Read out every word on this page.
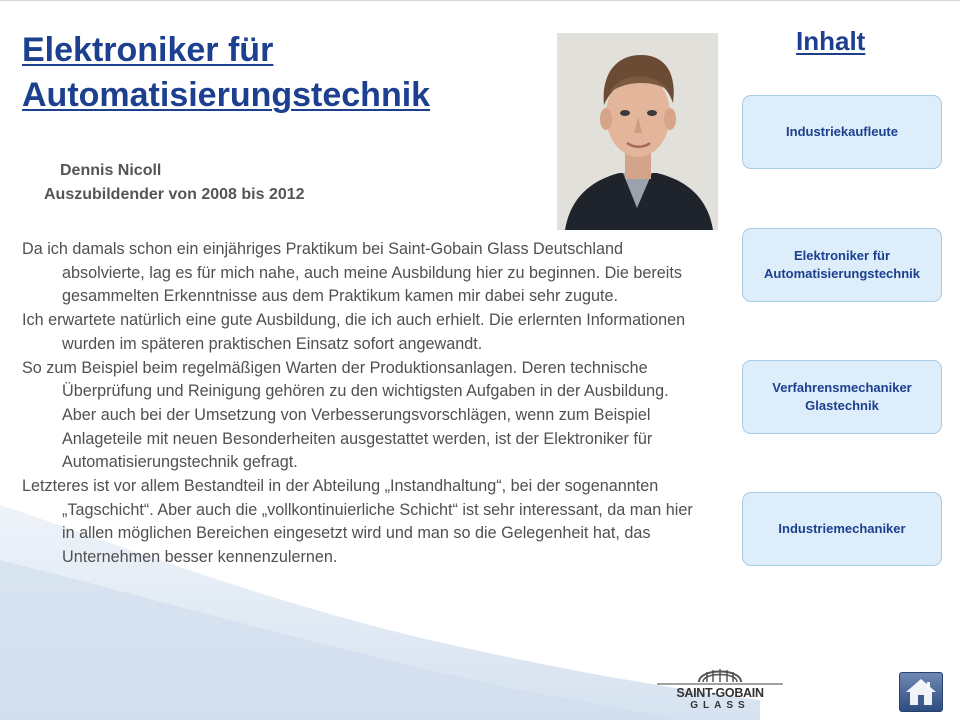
Elektroniker für
Automatisierungstechnik
Dennis Nicoll
Auszubildender von 2008 bis 2012

Da ich damals schon ein einjähriges Praktikum bei Saint-Gobain Glass Deutschland absolvierte, lag es für mich nahe, auch meine Ausbildung hier zu beginnen. Die bereits gesammelten Erkenntnisse aus dem Praktikum kamen mir dabei sehr zugute.

Ich erwartete natürlich eine gute Ausbildung, die ich auch erhielt. Die erlernten Informationen wurden im späteren praktischen Einsatz sofort angewandt.

So zum Beispiel beim regelmäßigen Warten der Produktionsanlagen. Deren technische Überprüfung und Reinigung gehören zu den wichtigsten Aufgaben in der Ausbildung. Aber auch bei der Umsetzung von Verbesserungsvorschlägen, wenn zum Beispiel Anlageteile mit neuen Besonderheiten ausgestattet werden, ist der Elektroniker für Automatisierungstechnik gefragt.

Letzteres ist vor allem Bestandteil in der Abteilung „Instandhaltung“, bei der sogenannten „Tagschicht“. Aber auch die „vollkontinuierliche Schicht“ ist sehr interessant, da man hier in allen möglichen Bereichen eingesetzt wird und man so die Gelegenheit hat, das Unternehmen besser kennenzulernen.

Inhalt
Industriekaufleute
Elektroniker für
Automatisierungstechnik
Verfahrensmechaniker
Glastechnik
Industriemechaniker
SAINT-GOBAIN
GLASS
